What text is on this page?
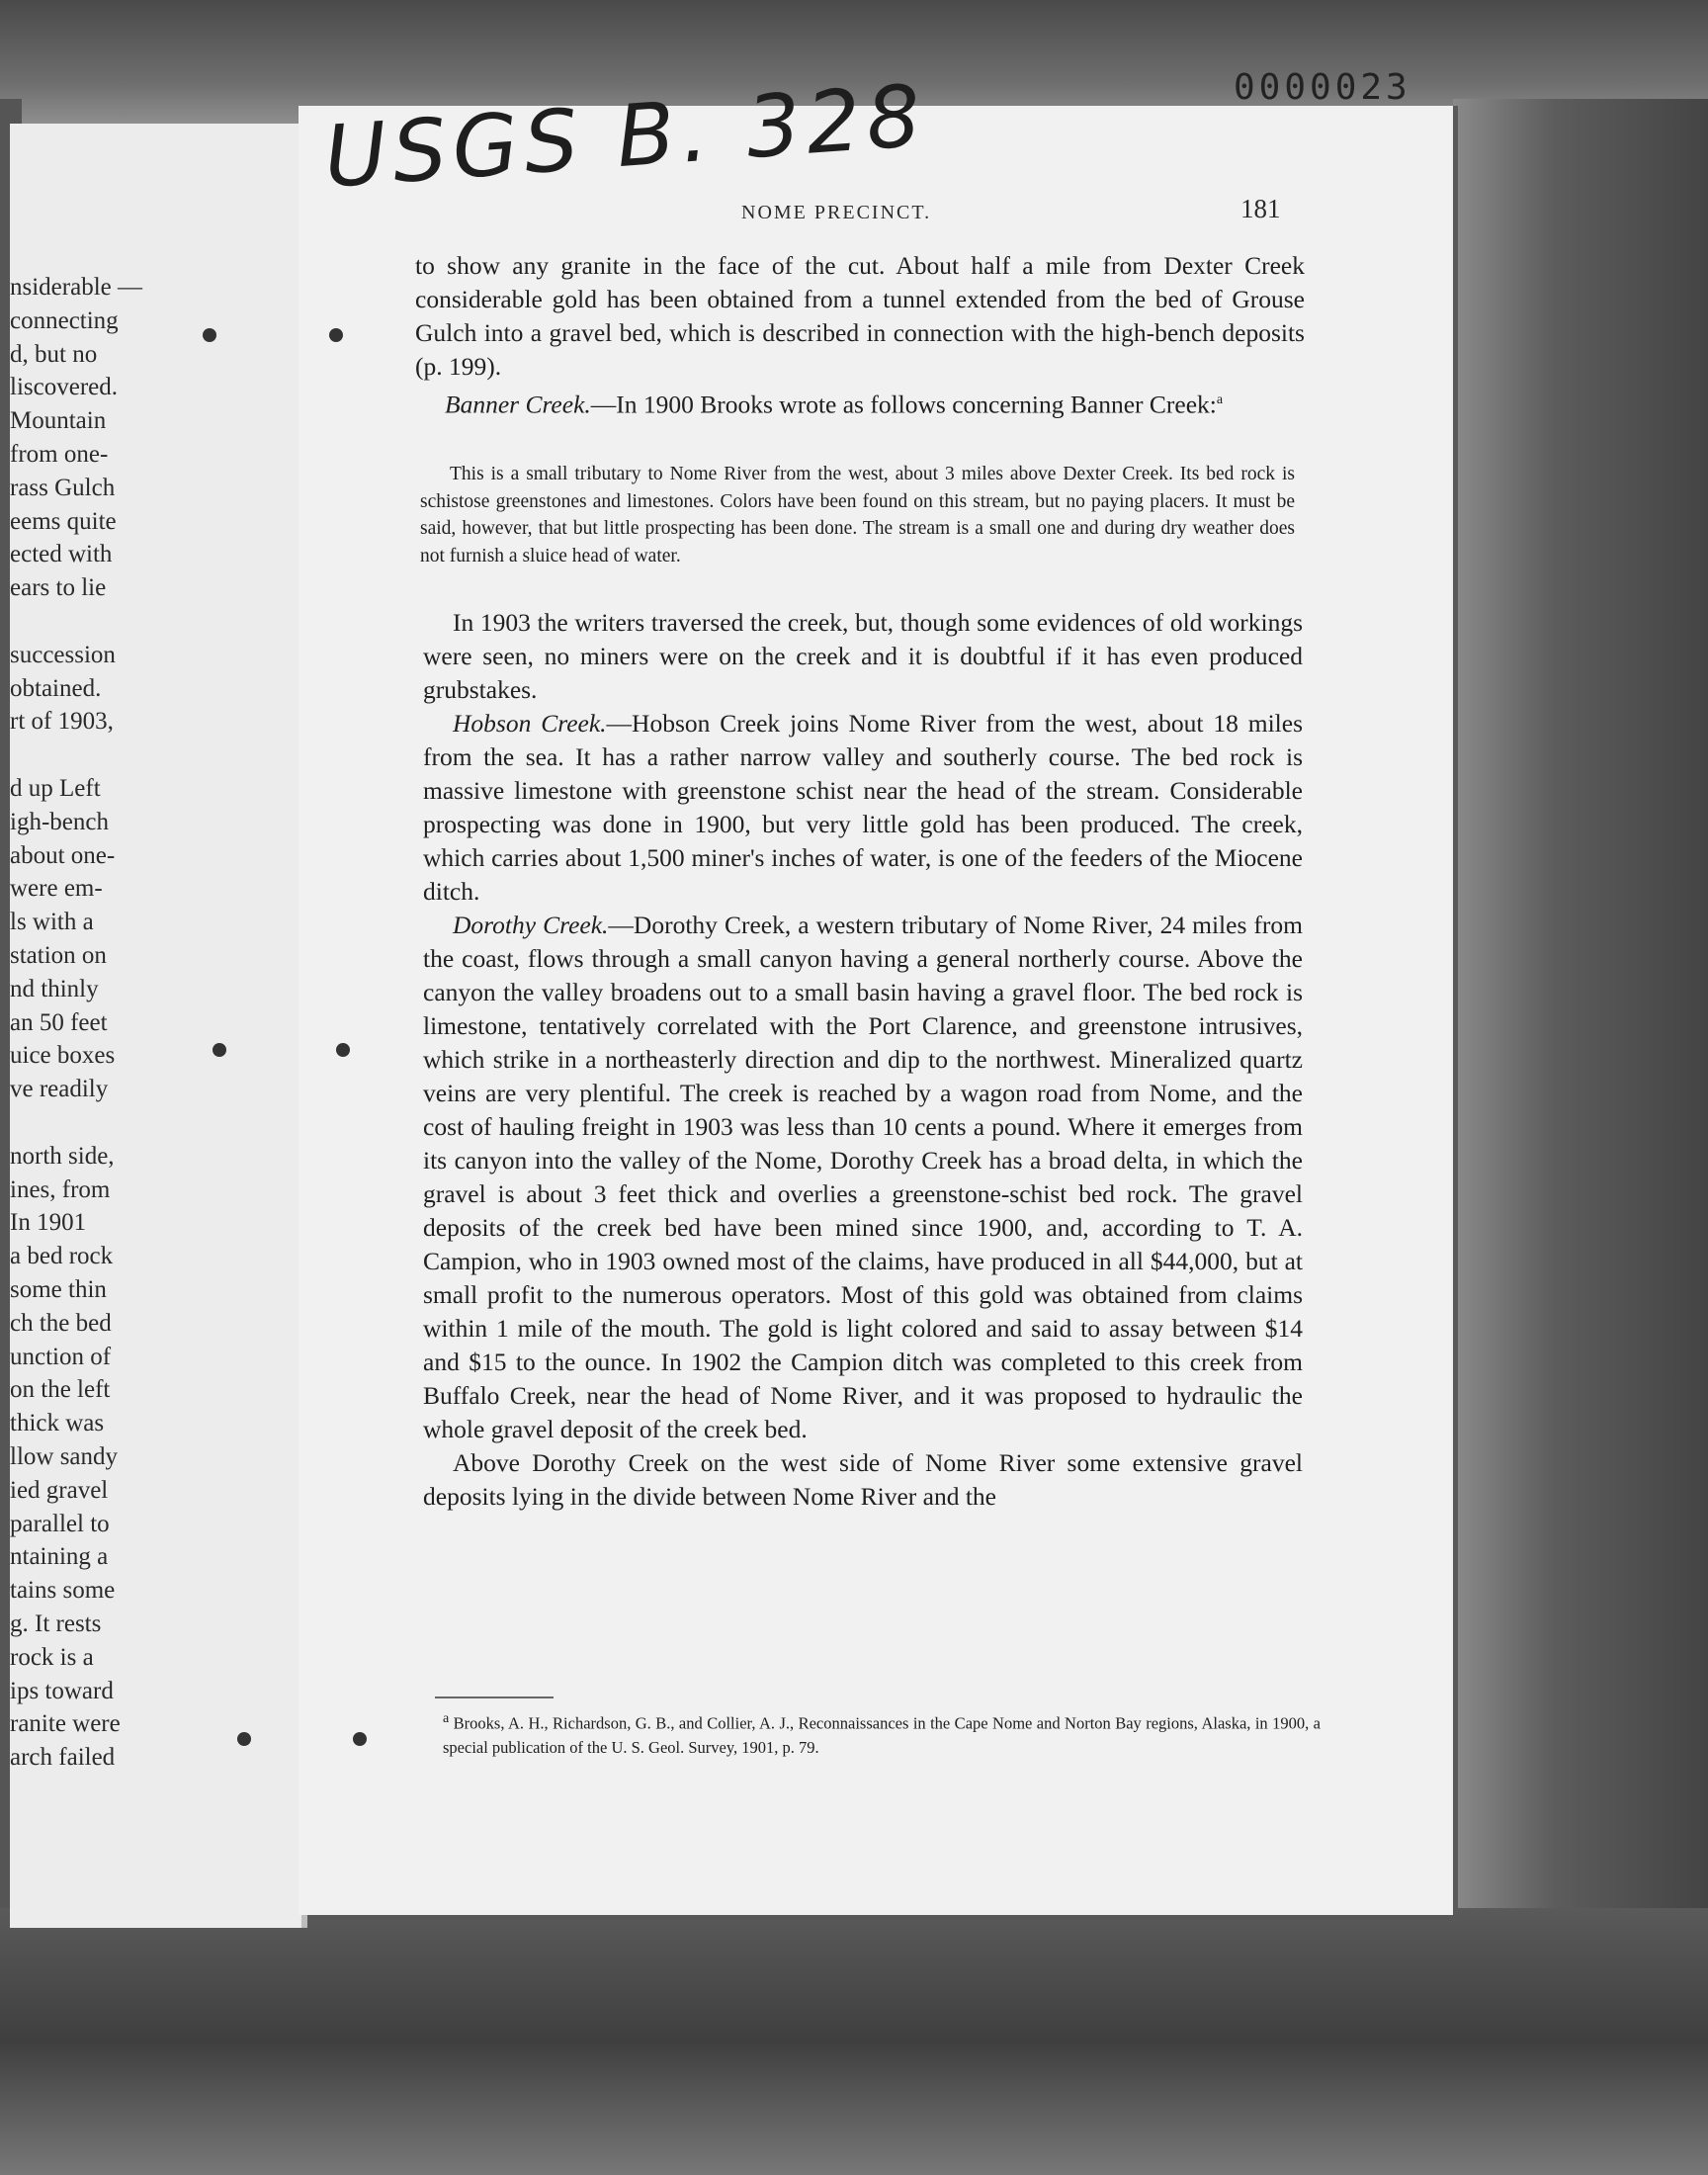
nsiderable —
connecting
d, but no
liscovered.
Mountain
from one-
rass Gulch
eems quite
ected with
ears to lie
succession
obtained.
rt of 1903,
d up Left
igh-bench
about one-
were em-
ls with a
station on
nd thinly
an 50 feet
uice boxes
ve readily
north side,
ines, from
In 1901
a bed rock
some thin
ch the bed
unction of
on the left
thick was
llow sandy
ied gravel
parallel to
ntaining a
tains some
g. It rests
rock is a
ips toward
ranite were
arch failed
0000023
USGS B. 328
NOME PRECINCT.	181

to show any granite in the face of the cut. About half a mile from Dexter Creek considerable gold has been obtained from a tunnel extended from the bed of Grouse Gulch into a gravel bed, which is described in connection with the high-bench deposits (p. 199).

Banner Creek.—In 1900 Brooks wrote as follows concerning Banner Creek:$^a$

This is a small tributary to Nome River from the west, about 3 miles above Dexter Creek. Its bed rock is schistose greenstones and limestones. Colors have been found on this stream, but no paying placers. It must be said, however, that but little prospecting has been done. The stream is a small one and during dry weather does not furnish a sluice head of water.

In 1903 the writers traversed the creek, but, though some evidences of old workings were seen, no miners were on the creek and it is doubtful if it has even produced grubstakes.

Hobson Creek.—Hobson Creek joins Nome River from the west, about 18 miles from the sea. It has a rather narrow valley and southerly course. The bed rock is massive limestone with greenstone schist near the head of the stream. Considerable prospecting was done in 1900, but very little gold has been produced. The creek, which carries about 1,500 miner's inches of water, is one of the feeders of the Miocene ditch.

Dorothy Creek.—Dorothy Creek, a western tributary of Nome River, 24 miles from the coast, flows through a small canyon having a general northerly course. Above the canyon the valley broadens out to a small basin having a gravel floor. The bed rock is limestone, tentatively correlated with the Port Clarence, and greenstone intrusives, which strike in a northeasterly direction and dip to the northwest. Mineralized quartz veins are very plentiful. The creek is reached by a wagon road from Nome, and the cost of hauling freight in 1903 was less than 10 cents a pound. Where it emerges from its canyon into the valley of the Nome, Dorothy Creek has a broad delta, in which the gravel is about 3 feet thick and overlies a greenstone-schist bed rock. The gravel deposits of the creek bed have been mined since 1900, and, according to T. A. Campion, who in 1903 owned most of the claims, have produced in all $44,000, but at small profit to the numerous operators. Most of this gold was obtained from claims within 1 mile of the mouth. The gold is light colored and said to assay between $14 and $15 to the ounce. In 1902 the Campion ditch was completed to this creek from Buffalo Creek, near the head of Nome River, and it was proposed to hydraulic the whole gravel deposit of the creek bed.

Above Dorothy Creek on the west side of Nome River some extensive gravel deposits lying in the divide between Nome River and the

$^a$ Brooks, A. H., Richardson, G. B., and Collier, A. J., Reconnaissances in the Cape Nome and Norton Bay regions, Alaska, in 1900, a special publication of the U. S. Geol. Survey, 1901, p. 79.
